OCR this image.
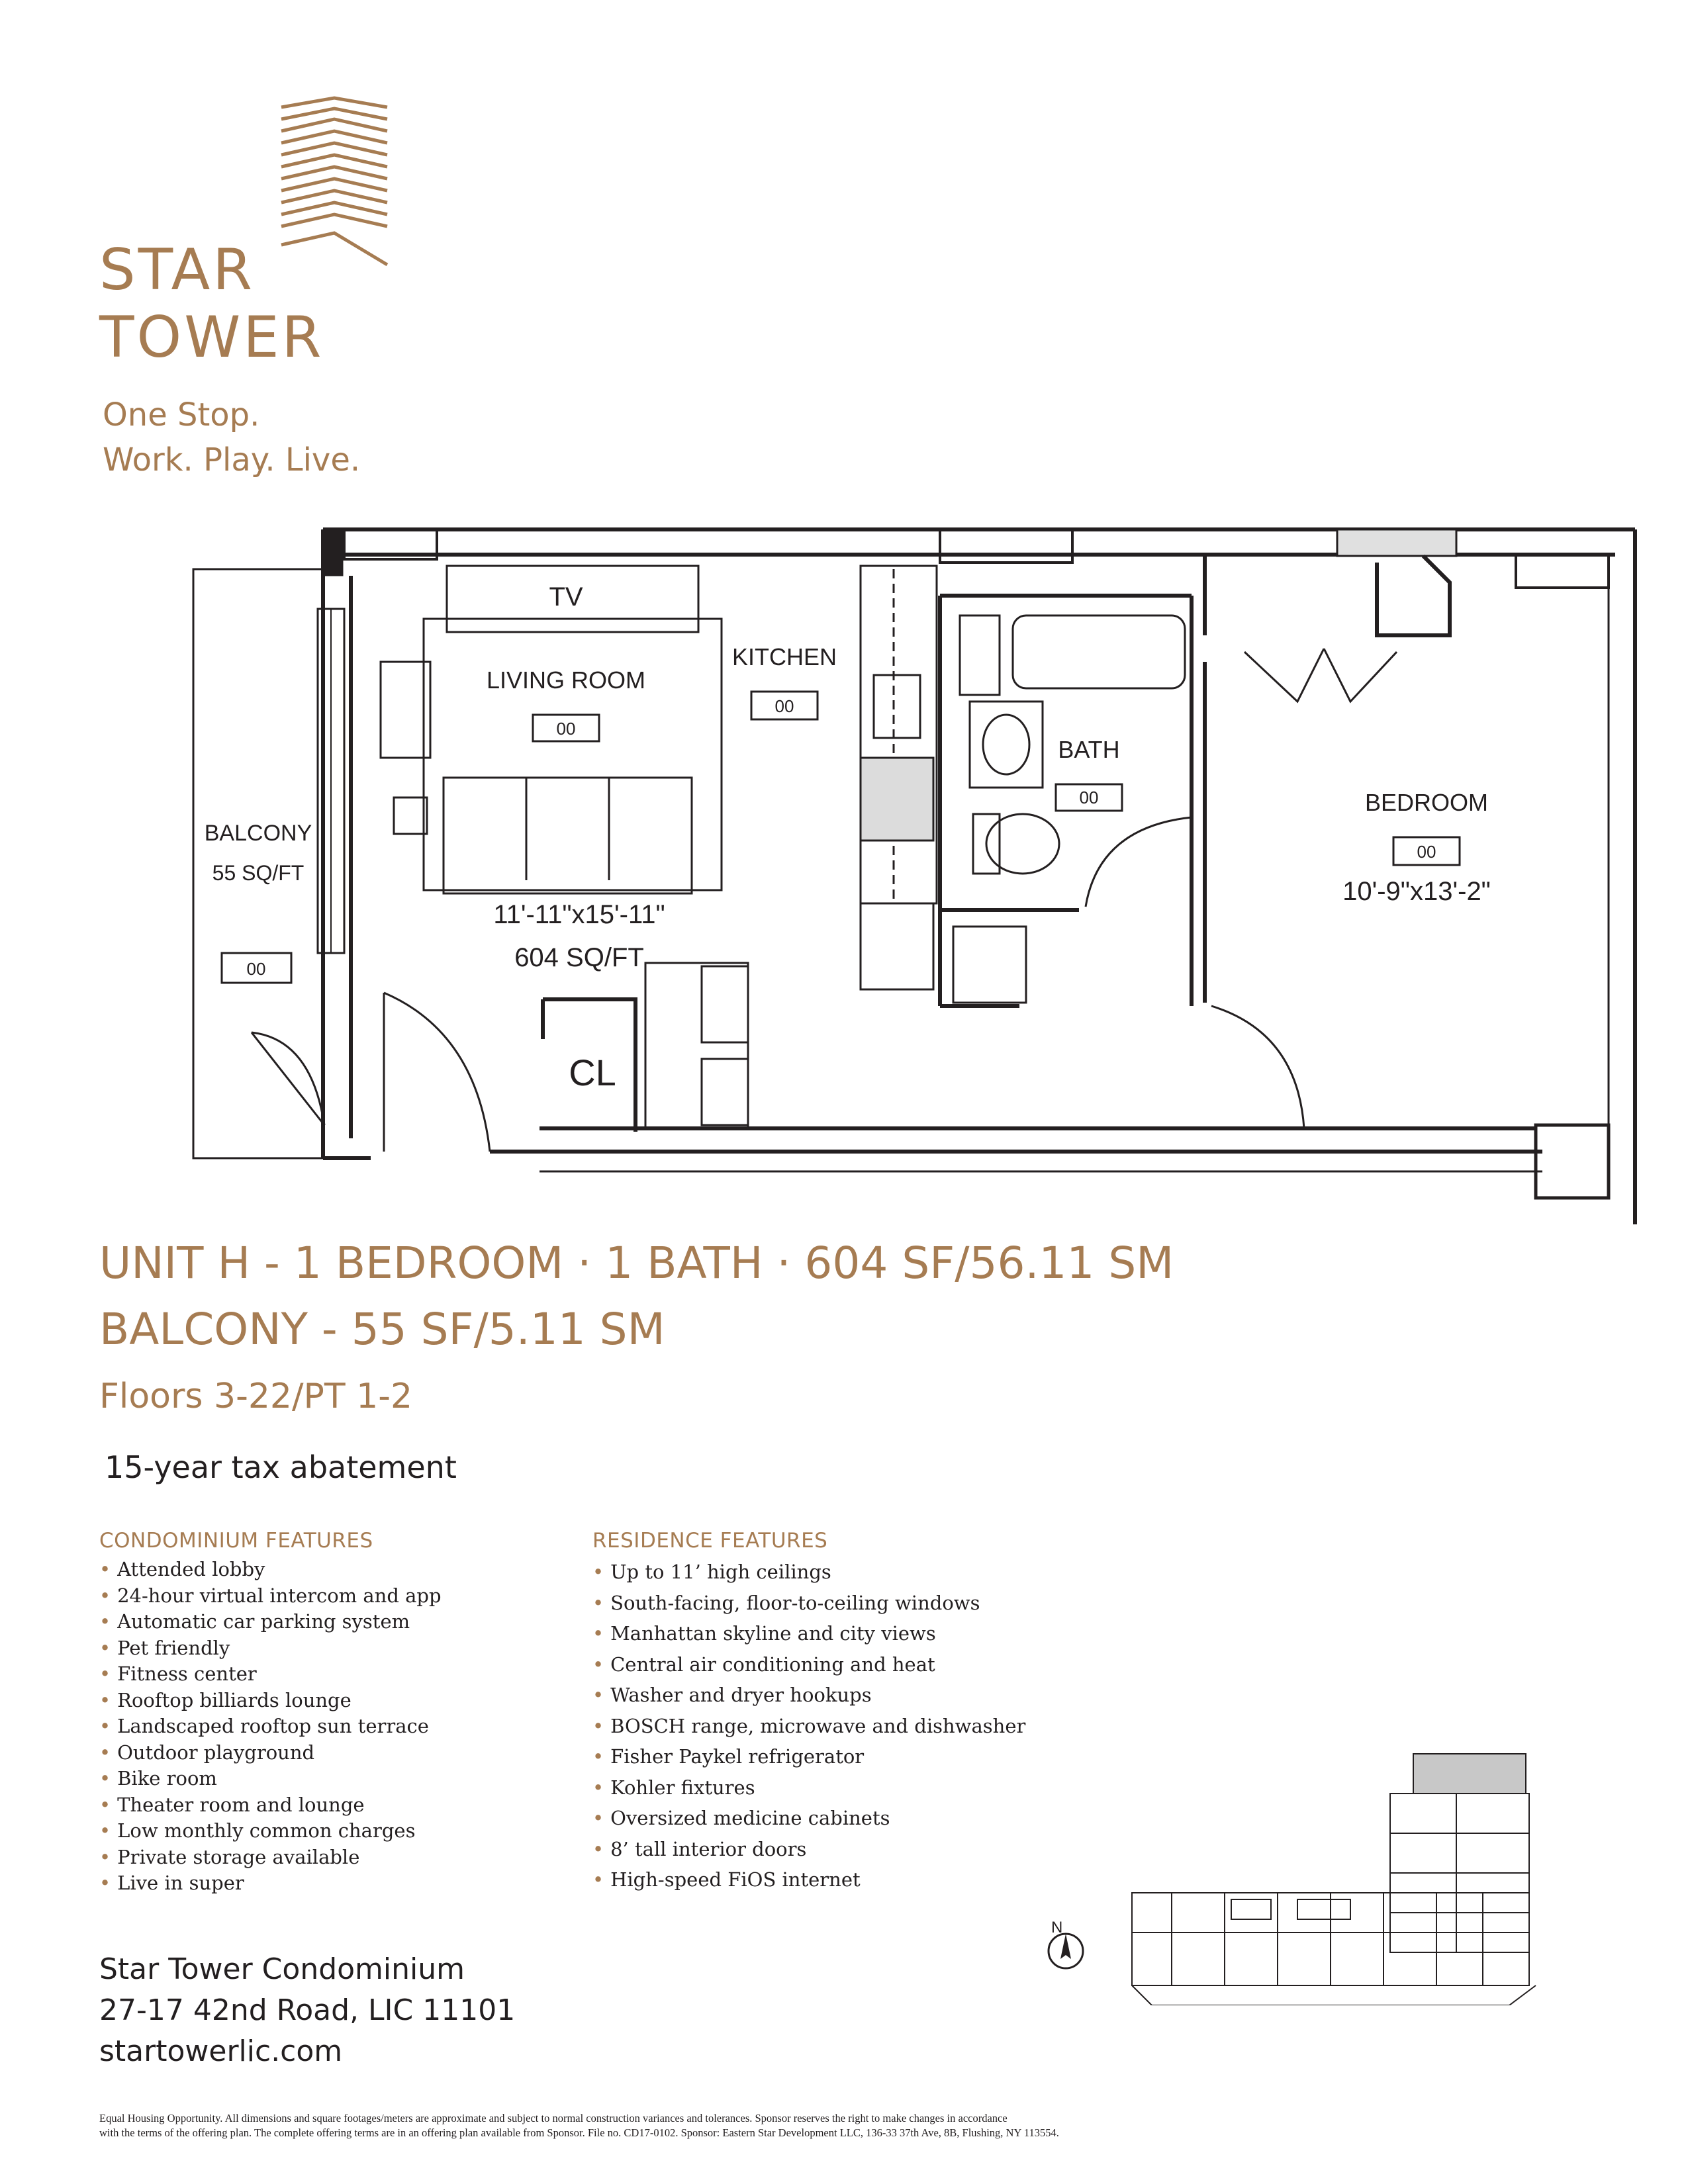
STAR
TOWER
One Stop.
Work. Play. Live.
TV
LIVING ROOM
00
11'-11"x15'-11"
604 SQ/FT
KITCHEN
00
BATH
00	BEDROOM
00
10'-9"x13'-2"
BALCONY
55 SQ/FT
00
CL
UNIT H - 1 BEDROOM · 1 BATH · 604 SF/56.11 SM
BALCONY - 55 SF/5.11 SM
Floors 3-22/PT 1-2
15-year tax abatement
CONDOMINIUM FEATURES
• Attended lobby
• 24-hour virtual intercom and app
• Automatic car parking system
• Pet friendly
• Fitness center
• Rooftop billiards lounge
• Landscaped rooftop sun terrace
• Outdoor playground
• Bike room
• Theater room and lounge
• Low monthly common charges
• Private storage available
• Live in super
RESIDENCE FEATURES
• Up to 11’ high ceilings
• South-facing, floor-to-ceiling windows
• Manhattan skyline and city views
• Central air conditioning and heat
• Washer and dryer hookups
• BOSCH range, microwave and dishwasher
• Fisher Paykel refrigerator
• Kohler fixtures
• Oversized medicine cabinets
• 8’ tall interior doors
• High-speed FiOS internet
Star Tower Condominium
27-17 42nd Road, LIC 11101
startowerlic.com
N
Equal Housing Opportunity. All dimensions and square footages/meters are approximate and subject to normal construction variances and tolerances. Sponsor reserves the right to make changes in accordance
with the terms of the offering plan. The complete offering terms are in an offering plan available from Sponsor. File no. CD17-0102. Sponsor: Eastern Star Development LLC, 136-33 37th Ave, 8B, Flushing, NY 113554.
